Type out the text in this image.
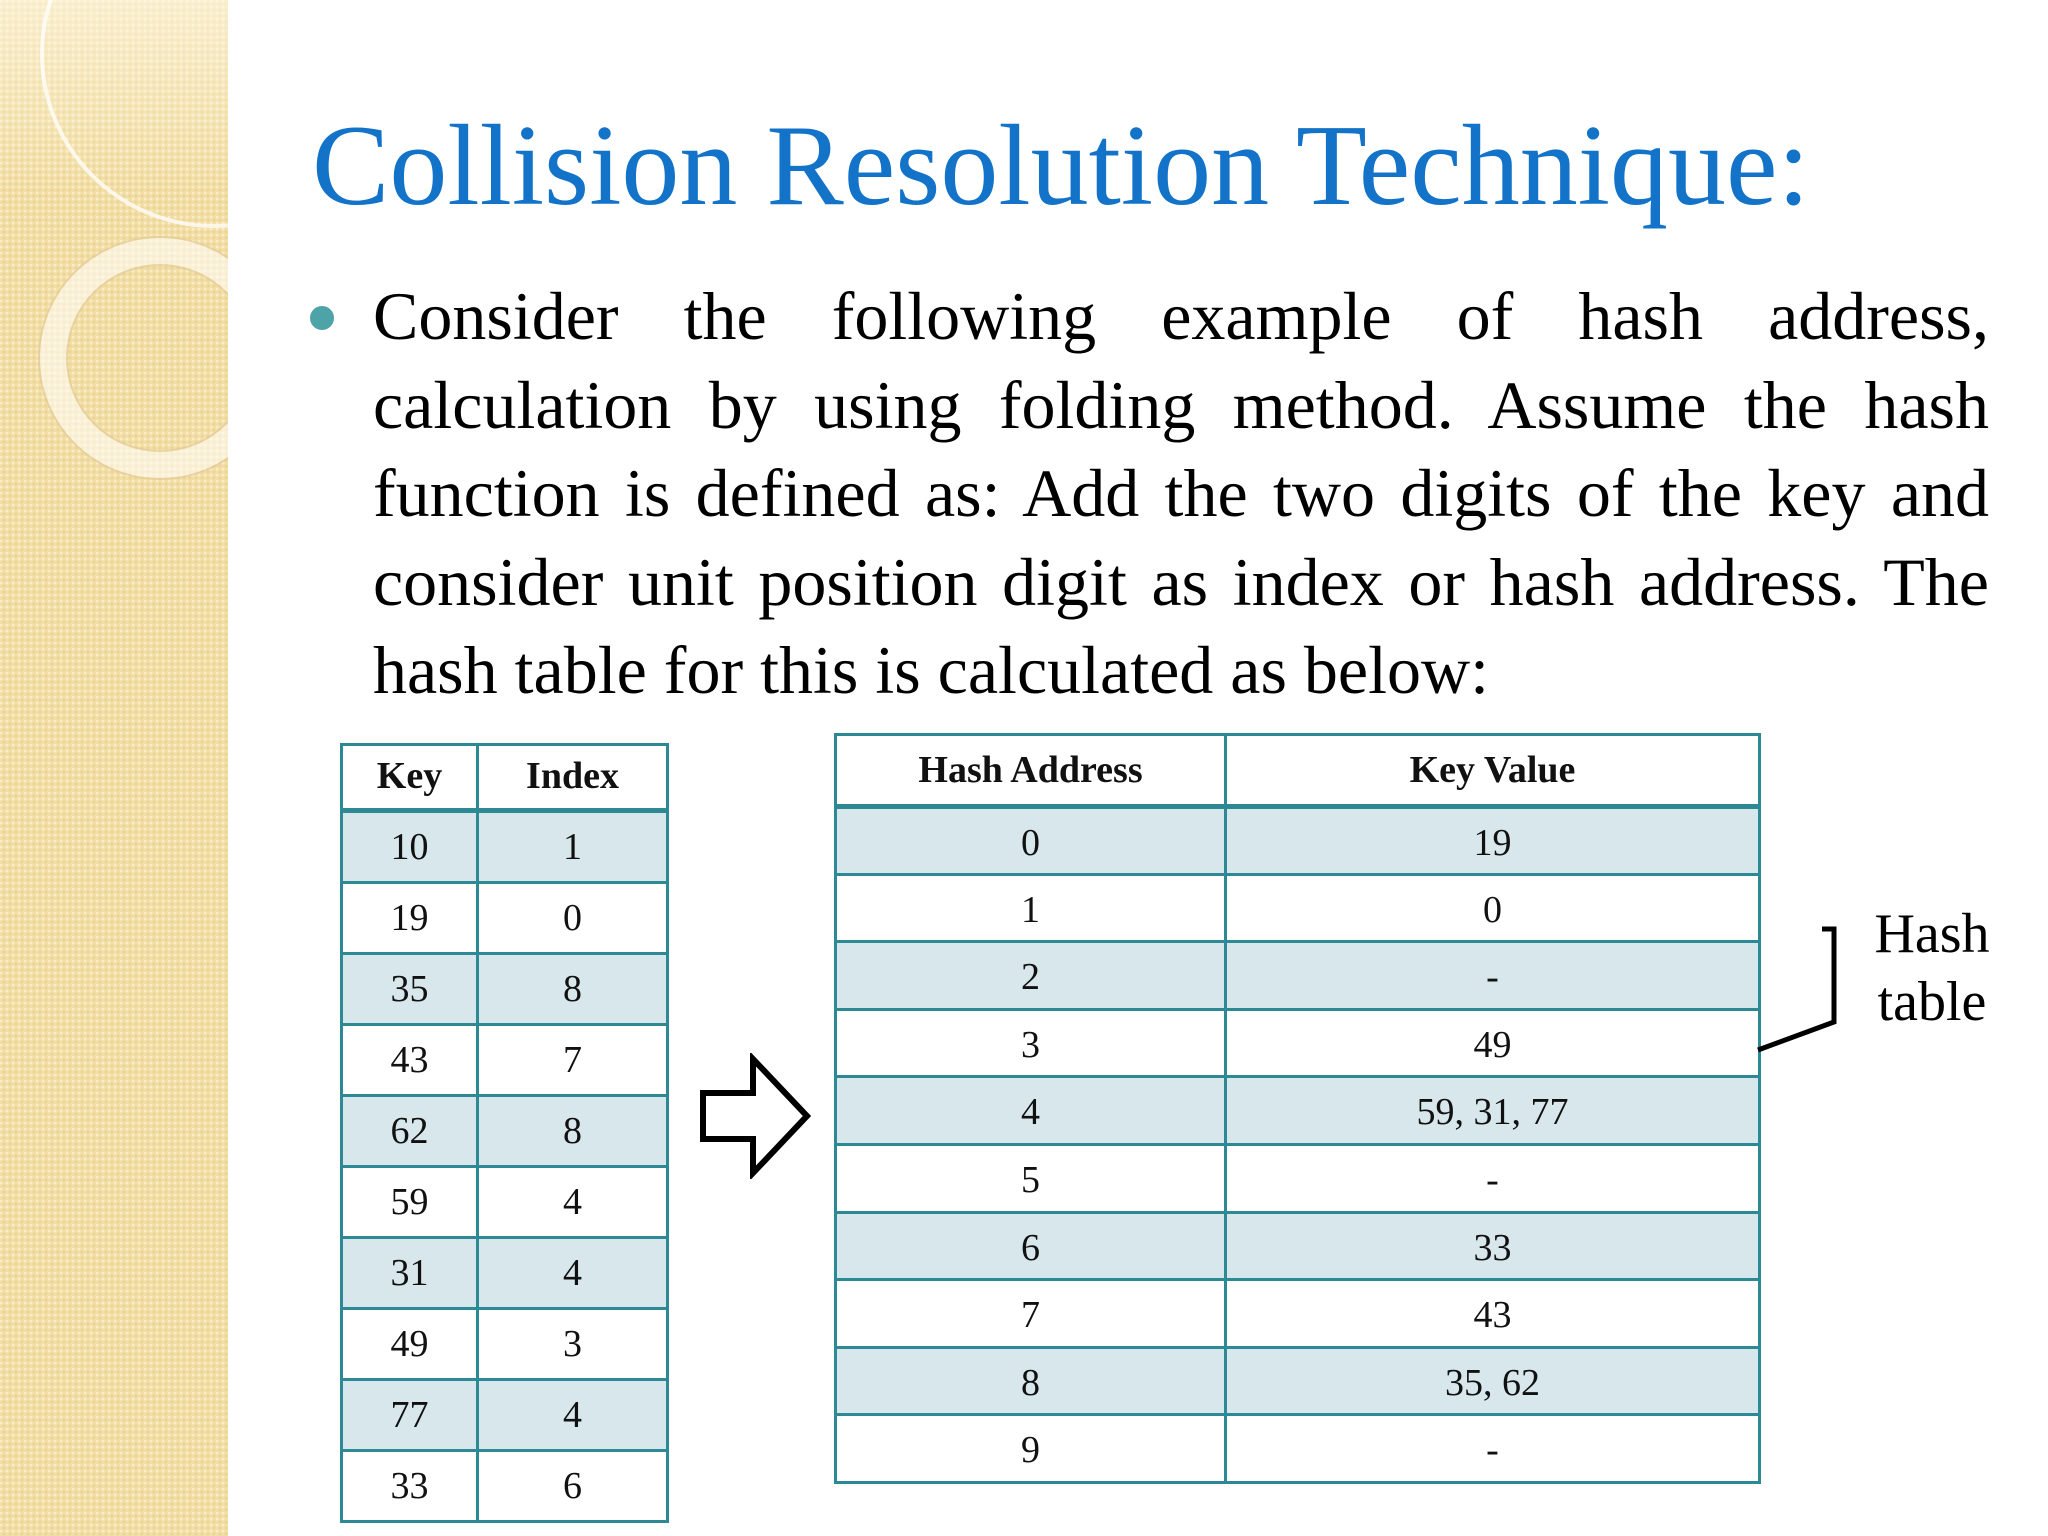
Collision Resolution Technique:
Consider the following example of hash address, calculation by using folding method. Assume the hash function is defined as: Add the two digits of the key and consider unit position digit as index or hash address. The hash table for this is calculated as below:
Key	Index
10	1
19	0
35	8
43	7
62	8
59	4
31	4
49	3
77	4
33	6
Hash Address	Key Value
0	19
1	0
2	-
3	49
4	59, 31, 77
5	-
6	33
7	43
8	35, 62
9	-
Hash
table
